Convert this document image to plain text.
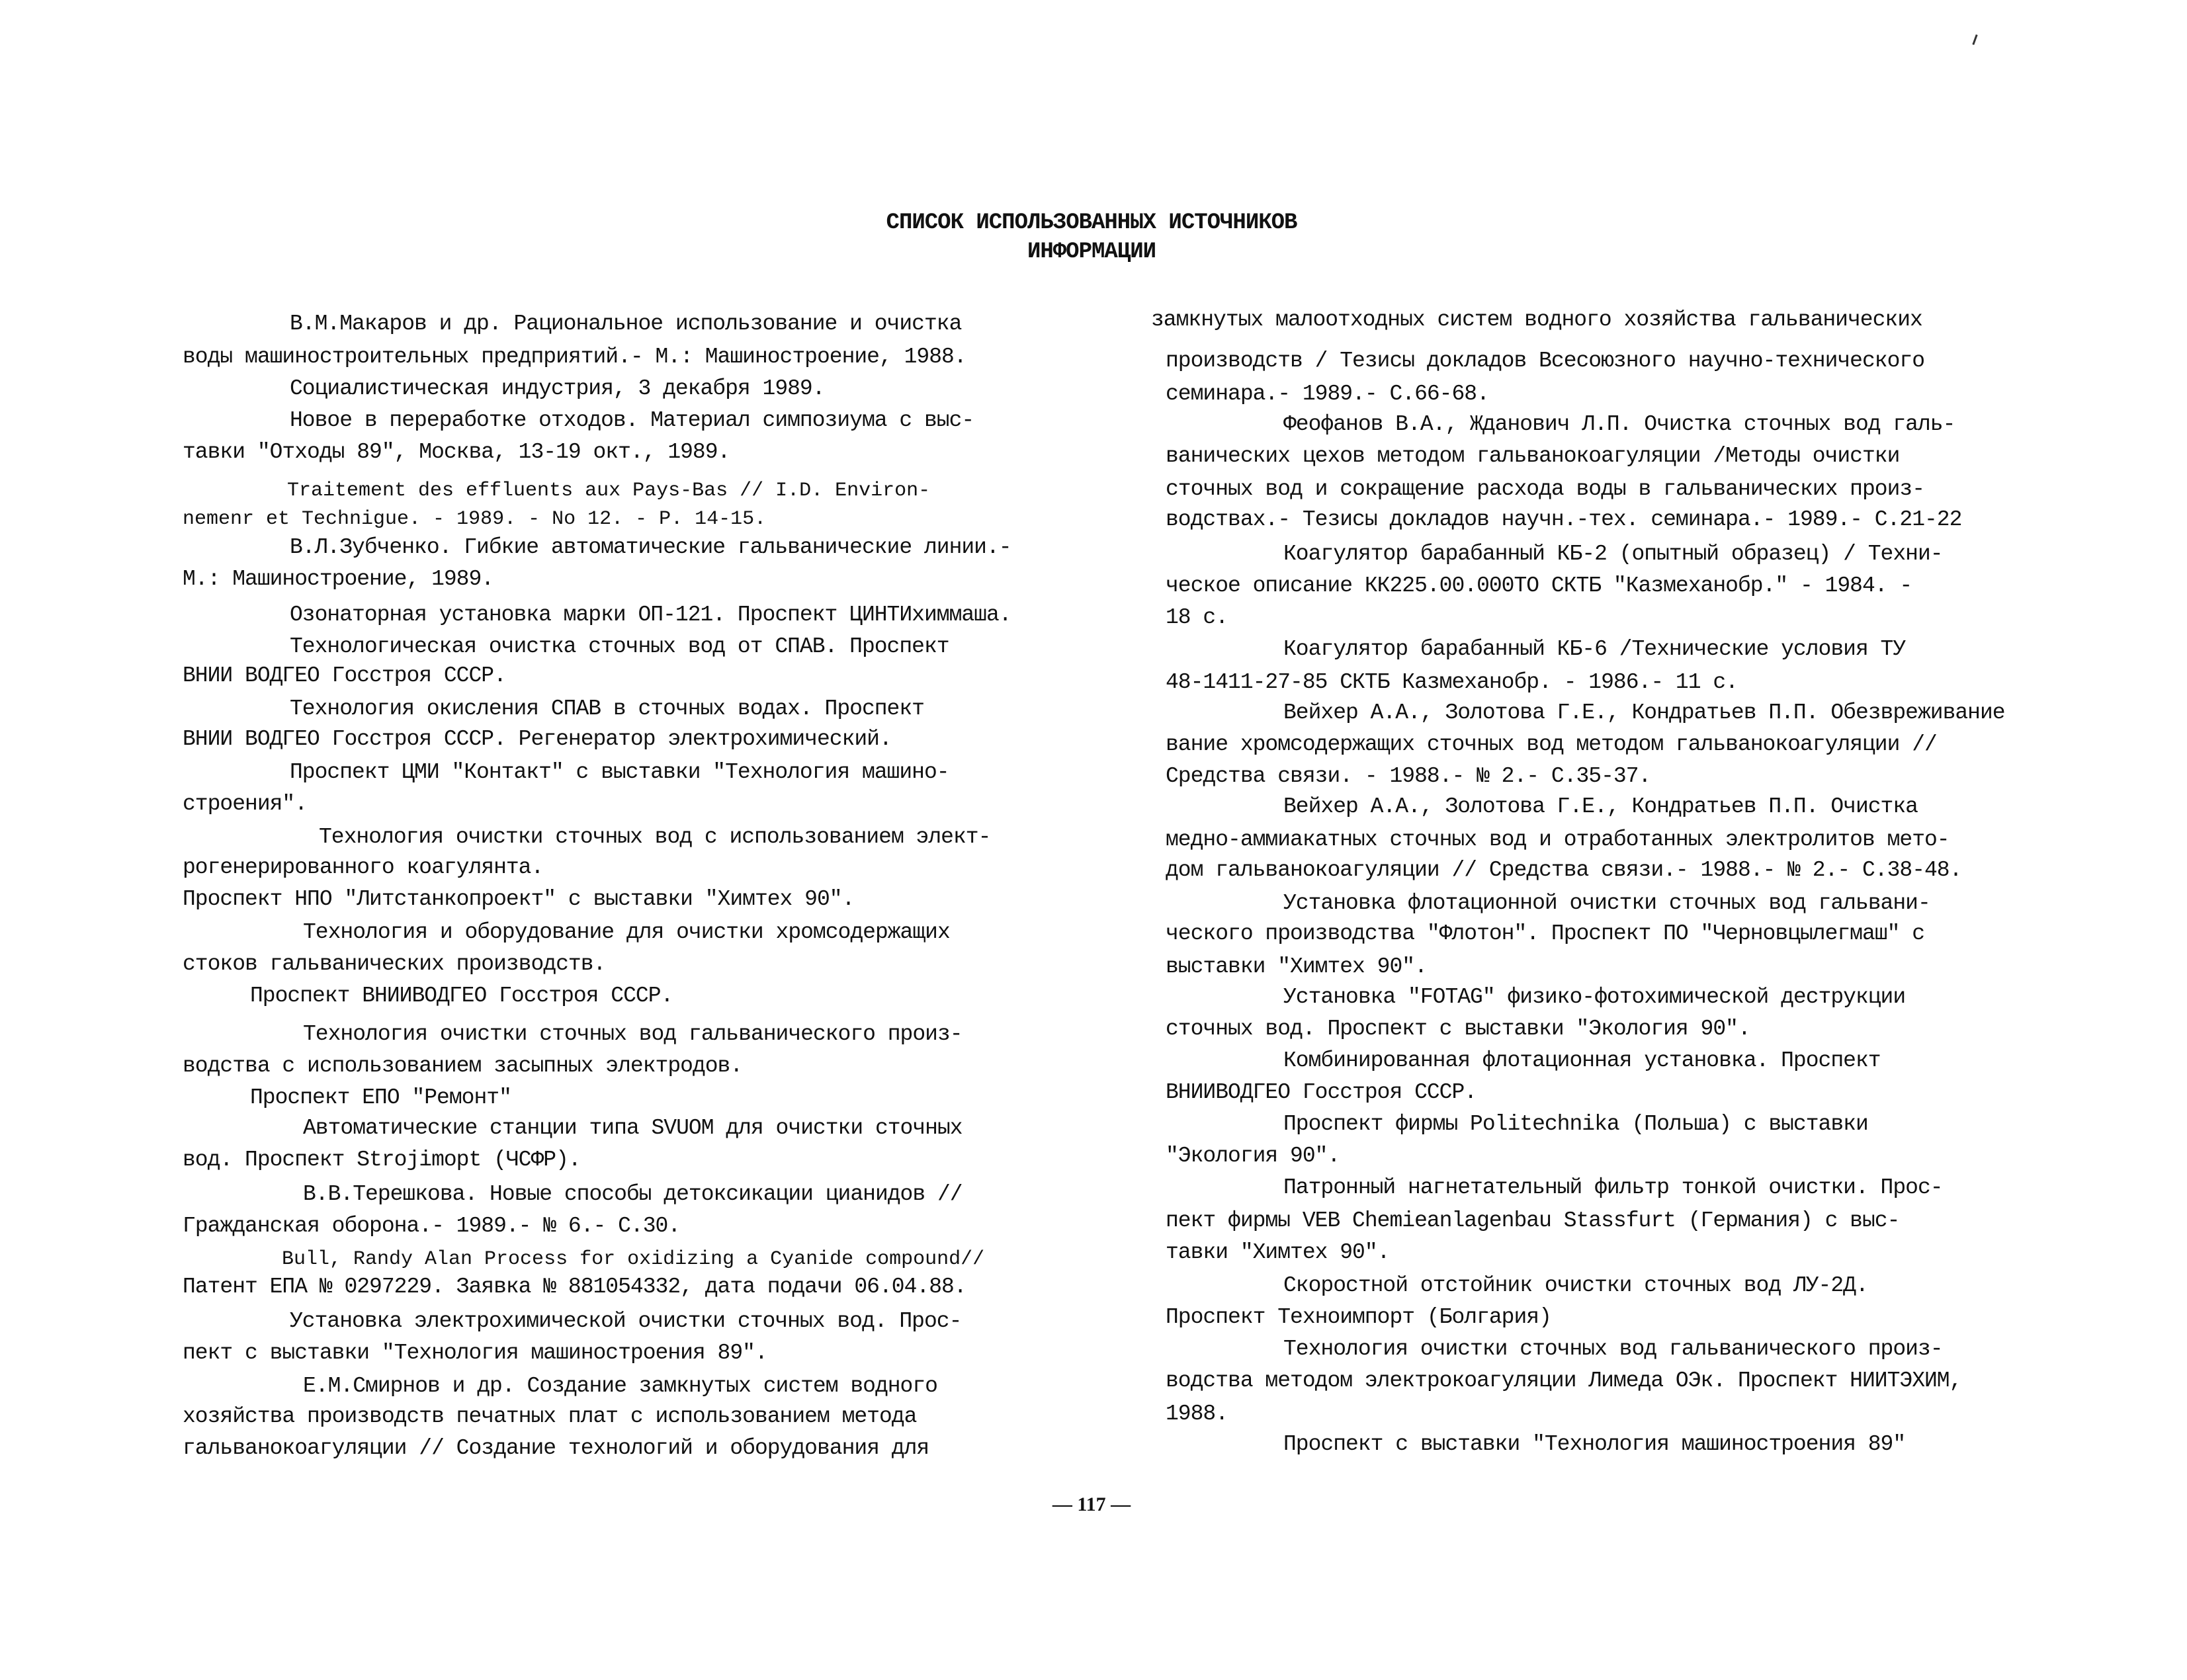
СПИСОК ИСПОЛЬЗОВАННЫХ ИСТОЧНИКОВ
ИНФОРМАЦИИ
В.М.Макаров и др. Рациональное использование и очистка
воды машиностроительных предприятий.- М.: Машиностроение, 1988.
Социалистическая индустрия, 3 декабря 1989.
Новое в переработке отходов. Материал симпозиума с выс-
тавки "Отходы 89", Москва, 13-19 окт., 1989.
Traitement des effluents aux Pays-Bas // I.D. Environ-
nemenr et Technigue. - 1989. - No 12. - P. 14-15.
В.Л.Зубченко. Гибкие автоматические гальванические линии.-
М.: Машиностроение, 1989.
Озонаторная установка марки ОП-121. Проспект ЦИНТИхиммаша.
Технологическая очистка сточных вод от СПАВ. Проспект
ВНИИ ВОДГЕО Госстроя СССР.
Технология окисления СПАВ в сточных водах. Проспект
ВНИИ ВОДГЕО Госстроя СССР. Регенератор электрохимический.
Проспект ЦМИ "Контакт" с выставки "Технология машино-
строения".
Технология очистки сточных вод с использованием элект-
рогенерированного коагулянта.
Проспект НПО "Литстанкопроект" с выставки "Химтех 90".
Технология и оборудование для очистки хромсодержащих
стоков гальванических производств.
Проспект ВНИИВОДГЕО Госстроя СССР.
Технология очистки сточных вод гальванического произ-
водства с использованием засыпных электродов.
Проспект ЕПО "Ремонт"
Автоматические станции типа SVUOM для очистки сточных
вод. Проспект Strojimopt (ЧСФР).
В.В.Терешкова. Новые способы детоксикации цианидов //
Гражданская оборона.- 1989.- № 6.- С.30.
Bull, Randy Alan Process for oxidizing a Cyanide compound//
Патент ЕПА № 0297229. Заявка № 881054332, дата подачи 06.04.88.
Установка электрохимической очистки сточных вод. Прос-
пект с выставки "Технология машиностроения 89".
Е.М.Смирнов и др. Создание замкнутых систем водного
хозяйства производств печатных плат с использованием метода
гальванокоагуляции // Создание технологий и оборудования для
замкнутых малоотходных систем водного хозяйства гальванических
производств / Тезисы докладов Всесоюзного научно-технического
семинара.- 1989.- С.66-68.
Феофанов В.А., Жданович Л.П. Очистка сточных вод галь-
ванических цехов методом гальванокоагуляции /Методы очистки
сточных вод и сокращение расхода воды в гальванических произ-
водствах.- Тезисы докладов научн.-тех. семинара.- 1989.- С.21-22
Коагулятор барабанный КБ-2 (опытный образец) / Техни-
ческое описание КК225.00.000ТО СКТБ "Казмеханобр." - 1984. -
18 с.
Коагулятор барабанный КБ-6 /Технические условия ТУ
48-1411-27-85 СКТБ Казмеханобр. - 1986.- 11 с.
Вейхер А.А., Золотова Г.Е., Кондратьев П.П. Обезвреживание
вание хромсодержащих сточных вод методом гальванокоагуляции //
Средства связи. - 1988.- № 2.- С.35-37.
Вейхер А.А., Золотова Г.Е., Кондратьев П.П. Очистка
медно-аммиакатных сточных вод и отработанных электролитов мето-
дом гальванокоагуляции // Средства связи.- 1988.- № 2.- С.38-48.
Установка флотационной очистки сточных вод гальвани-
ческого производства "Флотон". Проспект ПО "Черновцылегмаш" с
выставки "Химтех 90".
Установка "FOTAG" физико-фотохимической деструкции
сточных вод. Проспект с выставки "Экология 90".
Комбинированная флотационная установка. Проспект
ВНИИВОДГЕО Госстроя СССР.
Проспект фирмы Politechnika (Польша) с выставки
"Экология 90".
Патронный нагнетательный фильтр тонкой очистки. Прос-
пект фирмы VEB Chemieanlagenbau Stassfurt (Германия) с выс-
тавки "Химтех 90".
Скоростной отстойник очистки сточных вод ЛУ-2Д.
Проспект Техноимпорт (Болгария)
Технология очистки сточных вод гальванического произ-
водства методом электрокоагуляции Лимеда ОЭк. Проспект НИИТЭХИМ,
1988.
Проспект с выставки "Технология машиностроения 89"
— 117 —
